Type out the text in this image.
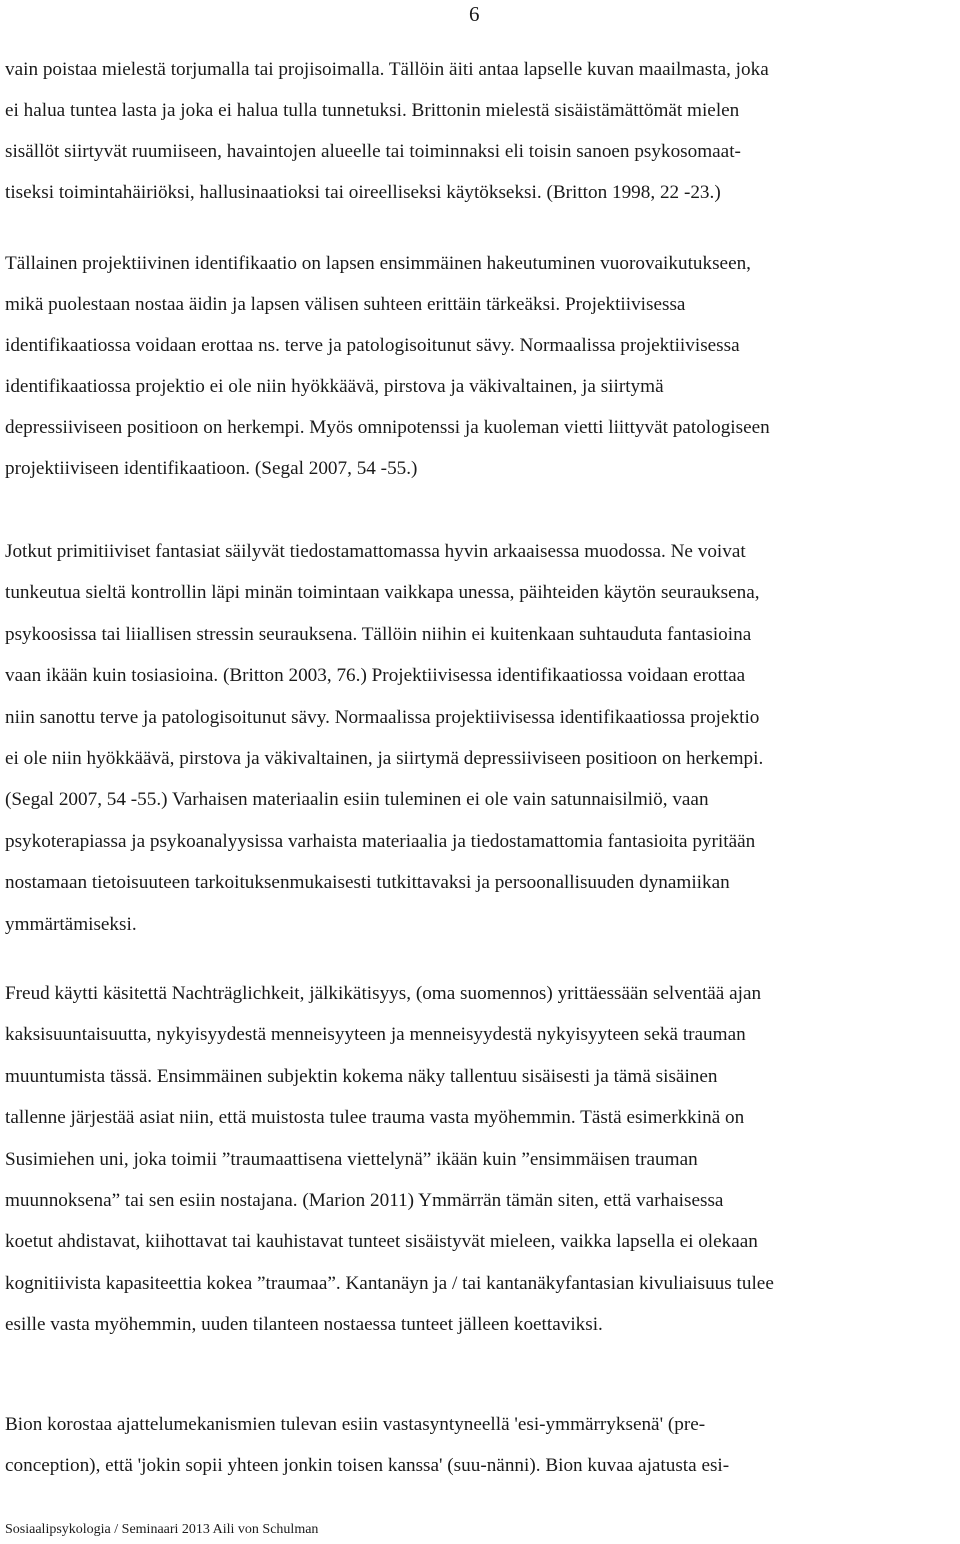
6
vain poistaa mielestä torjumalla tai projisoimalla. Tällöin äiti antaa lapselle kuvan maailmasta, joka
ei halua tuntea lasta ja joka ei halua tulla tunnetuksi. Brittonin mielestä sisäistämättömät mielen
sisällöt siirtyvät ruumiiseen, havaintojen alueelle tai toiminnaksi eli toisin sanoen psykosomaat-
tiseksi toimintahäiriöksi, hallusinaatioksi tai oireelliseksi käytökseksi. (Britton 1998, 22 -23.)
Tällainen projektiivinen identifikaatio on lapsen ensimmäinen hakeutuminen vuorovaikutukseen,
mikä puolestaan nostaa äidin ja lapsen välisen suhteen erittäin tärkeäksi. Projektiivisessa
identifikaatiossa voidaan erottaa ns. terve ja patologisoitunut sävy. Normaalissa projektiivisessa
identifikaatiossa projektio ei ole niin hyökkäävä, pirstova ja väkivaltainen, ja siirtymä
depressiiviseen positioon on herkempi. Myös omnipotenssi ja kuoleman vietti liittyvät patologiseen
projektiiviseen identifikaatioon. (Segal 2007, 54 -55.)
Jotkut primitiiviset fantasiat säilyvät tiedostamattomassa hyvin arkaaisessa muodossa. Ne voivat
tunkeutua sieltä kontrollin läpi minän toimintaan vaikkapa unessa, päihteiden käytön seurauksena,
psykoosissa tai liiallisen stressin seurauksena. Tällöin niihin ei kuitenkaan suhtauduta fantasioina
vaan ikään kuin tosiasioina. (Britton 2003, 76.) Projektiivisessa identifikaatiossa voidaan erottaa
niin sanottu terve ja patologisoitunut sävy. Normaalissa projektiivisessa identifikaatiossa projektio
ei ole niin hyökkäävä, pirstova ja väkivaltainen, ja siirtymä depressiiviseen positioon on herkempi.
(Segal 2007, 54 -55.) Varhaisen materiaalin esiin tuleminen ei ole vain satunnaisilmiö, vaan
psykoterapiassa ja psykoanalyysissa varhaista materiaalia ja tiedostamattomia fantasioita pyritään
nostamaan tietoisuuteen tarkoituksenmukaisesti tutkittavaksi ja persoonallisuuden dynamiikan
ymmärtämiseksi.
Freud käytti käsitettä Nachträglichkeit, jälkikätisyys, (oma suomennos) yrittäessään selventää ajan
kaksisuuntaisuutta, nykyisyydestä menneisyyteen ja menneisyydestä nykyisyyteen sekä trauman
muuntumista tässä. Ensimmäinen subjektin kokema näky tallentuu sisäisesti ja tämä sisäinen
tallenne järjestää asiat niin, että muistosta tulee trauma vasta myöhemmin. Tästä esimerkkinä on
Susimiehen uni, joka toimii ”traumaattisena viettelynä” ikään kuin ”ensimmäisen trauman
muunnoksena” tai sen esiin nostajana. (Marion 2011) Ymmärrän tämän siten, että varhaisessa
koetut ahdistavat, kiihottavat tai kauhistavat tunteet sisäistyvät mieleen, vaikka lapsella ei olekaan
kognitiivista kapasiteettia kokea ”traumaa”. Kantanäyn ja / tai kantanäkyfantasian kivuliaisuus tulee
esille vasta myöhemmin, uuden tilanteen nostaessa tunteet jälleen koettaviksi.
Bion korostaa ajattelumekanismien tulevan esiin vastasyntyneellä 'esi-ymmärryksenä' (pre-
conception), että 'jokin sopii yhteen jonkin toisen kanssa' (suu-nänni). Bion kuvaa ajatusta esi-
Sosiaalipsykologia / Seminaari 2013 Aili von Schulman
